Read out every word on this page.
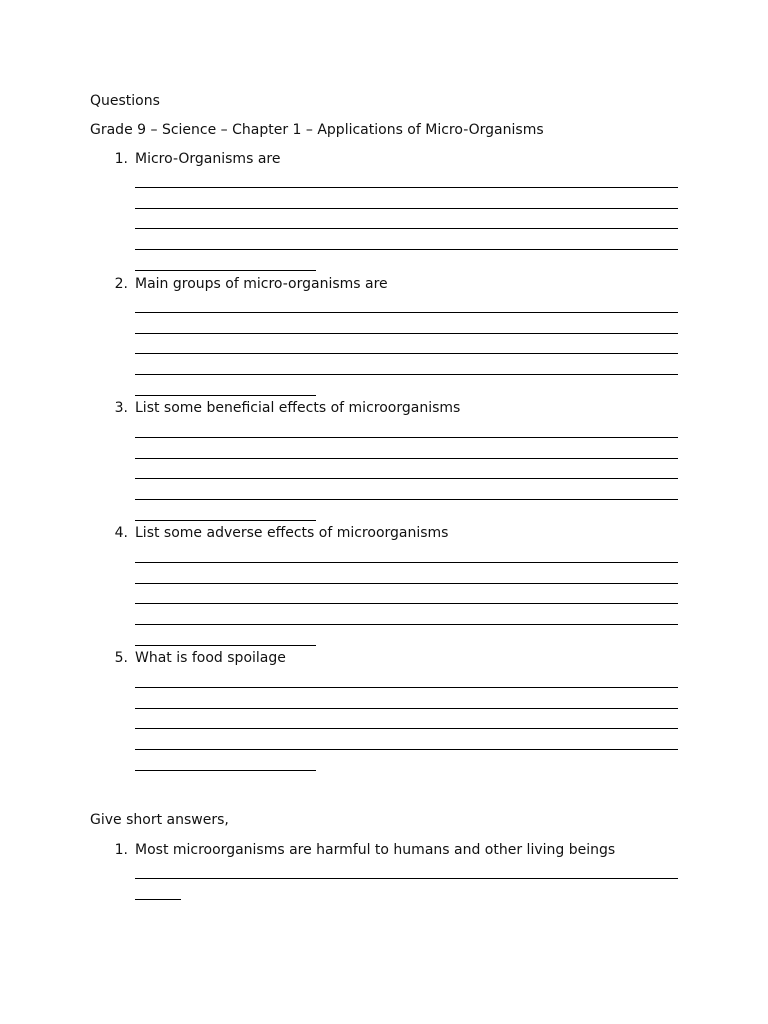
Questions
Grade 9 – Science – Chapter 1 – Applications of Micro-Organisms
1. Micro-Organisms are
2. Main groups of micro-organisms are
3. List some beneficial effects of microorganisms
4. List some adverse effects of microorganisms
5. What is food spoilage
Give short answers,
1. Most microorganisms are harmful to humans and other living beings
